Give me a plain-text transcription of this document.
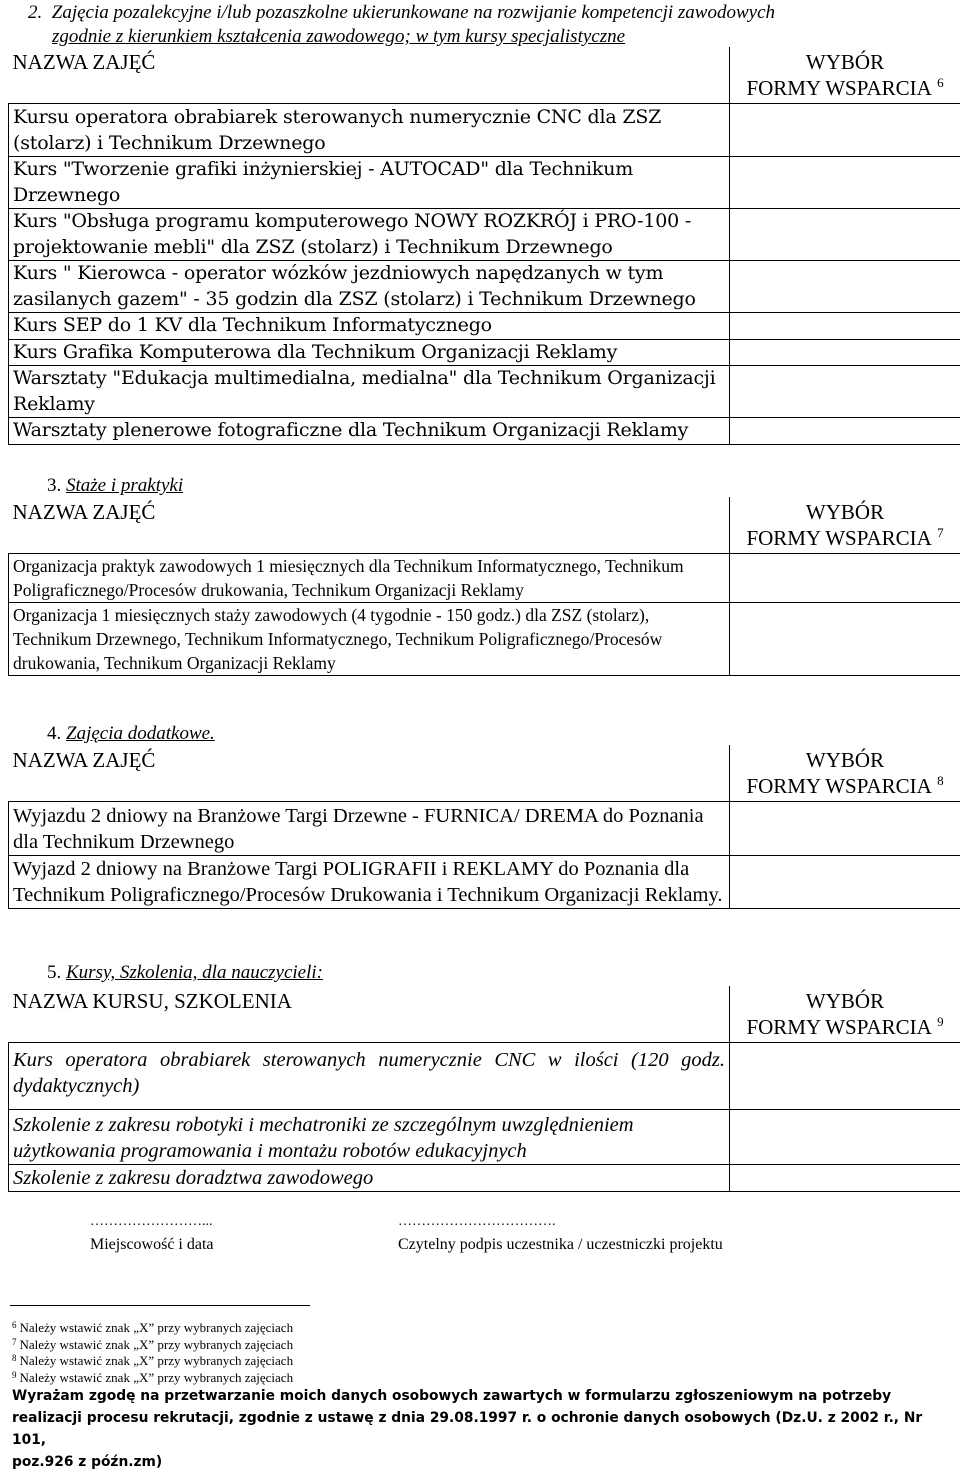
2.  Zajęcia pozalekcyjne i/lub pozaszkolne ukierunkowane na rozwijanie kompetencji zawodowych
zgodnie z kierunkiem kształcenia zawodowego; w tym kursy specjalistyczne
NAZWA ZAJĘĆ	WYBÓR
FORMY WSPARCIA $^6$

Kursu operatora obrabiarek sterowanych numerycznie CNC dla ZSZ (stolarz) i Technikum Drzewnego	
Kurs "Tworzenie grafiki inżynierskiej - AUTOCAD" dla Technikum Drzewnego	
Kurs "Obsługa programu komputerowego NOWY ROZKRÓJ i PRO-100 - projektowanie mebli" dla ZSZ (stolarz) i Technikum Drzewnego	
Kurs " Kierowca - operator wózków jezdniowych napędzanych w tym zasilanych gazem" - 35 godzin dla ZSZ (stolarz) i Technikum Drzewnego	
Kurs SEP do 1 KV dla Technikum Informatycznego	
Kurs Grafika Komputerowa dla Technikum Organizacji Reklamy	
Warsztaty "Edukacja multimedialna, medialna" dla Technikum Organizacji Reklamy	
Warsztaty plenerowe fotograficzne dla Technikum Organizacji Reklamy	
3. Staże i praktyki
NAZWA ZAJĘĆ	WYBÓR
FORMY WSPARCIA $^7$

Organizacja praktyk zawodowych 1 miesięcznych dla Technikum Informatycznego, Technikum Poligraficznego/Procesów drukowania, Technikum Organizacji Reklamy	
Organizacja 1 miesięcznych staży zawodowych (4 tygodnie - 150 godz.) dla ZSZ (stolarz), Technikum Drzewnego, Technikum Informatycznego, Technikum Poligraficznego/Procesów drukowania, Technikum Organizacji Reklamy	
4. Zajęcia dodatkowe.
NAZWA ZAJĘĆ	WYBÓR
FORMY WSPARCIA $^8$

Wyjazdu 2 dniowy na Branżowe Targi Drzewne - FURNICA/ DREMA do Poznania dla Technikum Drzewnego	
Wyjazd 2 dniowy na Branżowe Targi POLIGRAFII i REKLAMY do Poznania dla Technikum Poligraficznego/Procesów Drukowania i Technikum Organizacji Reklamy.	
5. Kursy, Szkolenia, dla nauczycieli:
NAZWA KURSU, SZKOLENIA	WYBÓR
FORMY WSPARCIA $^9$

Kurs operatora obrabiarek sterowanych numerycznie CNC w ilości (120 godz. dydaktycznych)	
Szkolenie z zakresu robotyki i mechatroniki ze szczególnym uwzględnieniem użytkowania programowania i montażu robotów edukacyjnych	
Szkolenie z zakresu doradztwa zawodowego	
……………………...
Miejscowość i data
…………………………….
Czytelny podpis uczestnika / uczestniczki projektu
$^6$ Należy wstawić znak „X” przy wybranych zajęciach
$^7$ Należy wstawić znak „X” przy wybranych zajęciach
$^8$ Należy wstawić znak „X” przy wybranych zajęciach
$^9$ Należy wstawić znak „X” przy wybranych zajęciach
Wyrażam zgodę na przetwarzanie moich danych osobowych zawartych w formularzu zgłoszeniowym na potrzeby
realizacji procesu rekrutacji, zgodnie z ustawę z dnia 29.08.1997 r. o ochronie danych osobowych (Dz.U. z 2002 r., Nr 101,
poz.926 z późn.zm)
